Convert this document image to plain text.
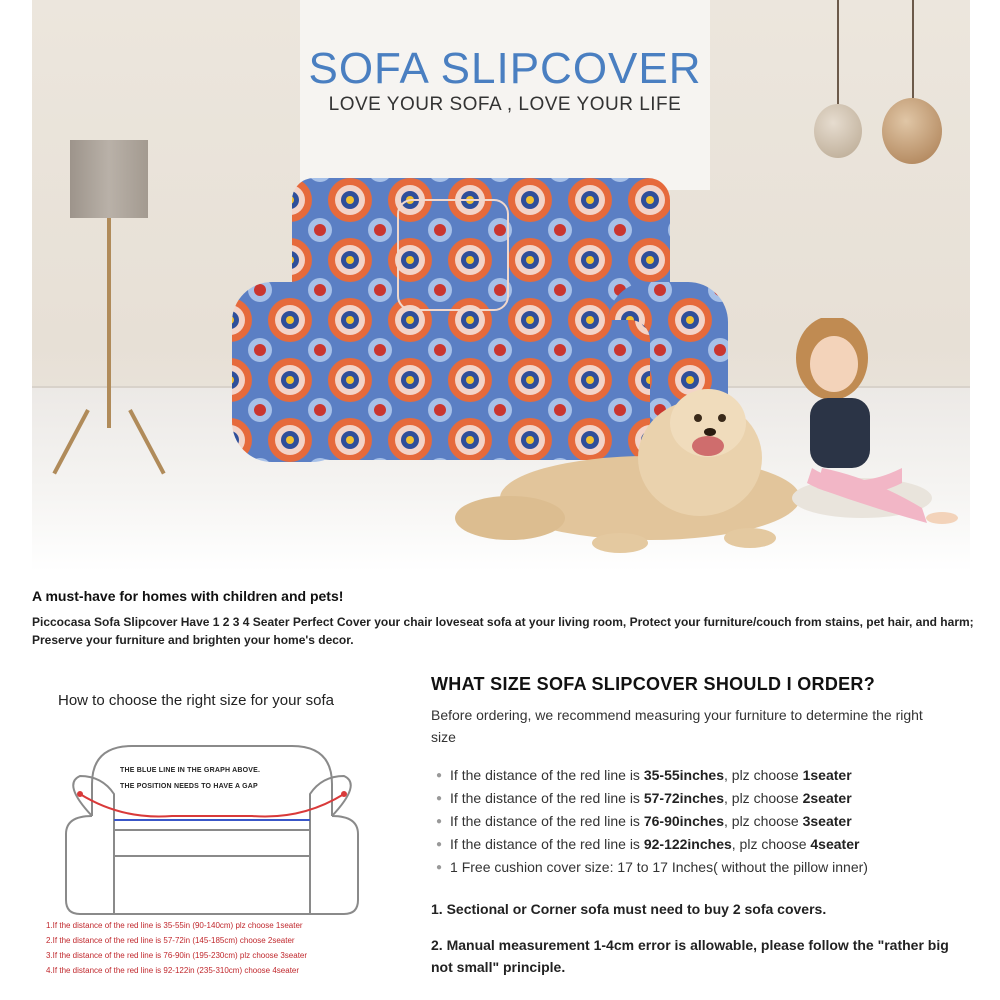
SOFA SLIPCOVER
LOVE YOUR SOFA , LOVE YOUR LIFE
A must-have for homes with children and pets!
Piccocasa Sofa Slipcover Have 1 2 3 4 Seater Perfect Cover your chair loveseat sofa at your living room, Protect your furniture/couch from stains, pet hair, and harm; Preserve your furniture and brighten your home's decor.
How to choose the right size for your sofa
THE BLUE LINE IN THE GRAPH ABOVE.
THE POSITION NEEDS TO HAVE A GAP
1.If the distance of the red line is 35-55in (90-140cm) plz choose 1seater
2.If the distance of the red line is 57-72in (145-185cm) choose 2seater
3.If the distance of the red line is 76-90in (195-230cm) plz choose 3seater
4.If the distance of the red line is 92-122in (235-310cm) choose 4seater
WHAT SIZE SOFA SLIPCOVER SHOULD I ORDER?
Before ordering, we recommend measuring your furniture to determine the right size
● If the distance of the red line is 35-55inches, plz choose 1seater
● If the distance of the red line is 57-72inches, plz choose 2seater
● If the distance of the red line is 76-90inches, plz choose 3seater
● If the distance of the red line is 92-122inches, plz choose 4seater
● 1 Free cushion cover size: 17 to 17 Inches( without the pillow inner)
1. Sectional or Corner sofa must need to buy 2 sofa covers.
2. Manual measurement 1-4cm error is allowable, please follow the "rather big not small" principle.
